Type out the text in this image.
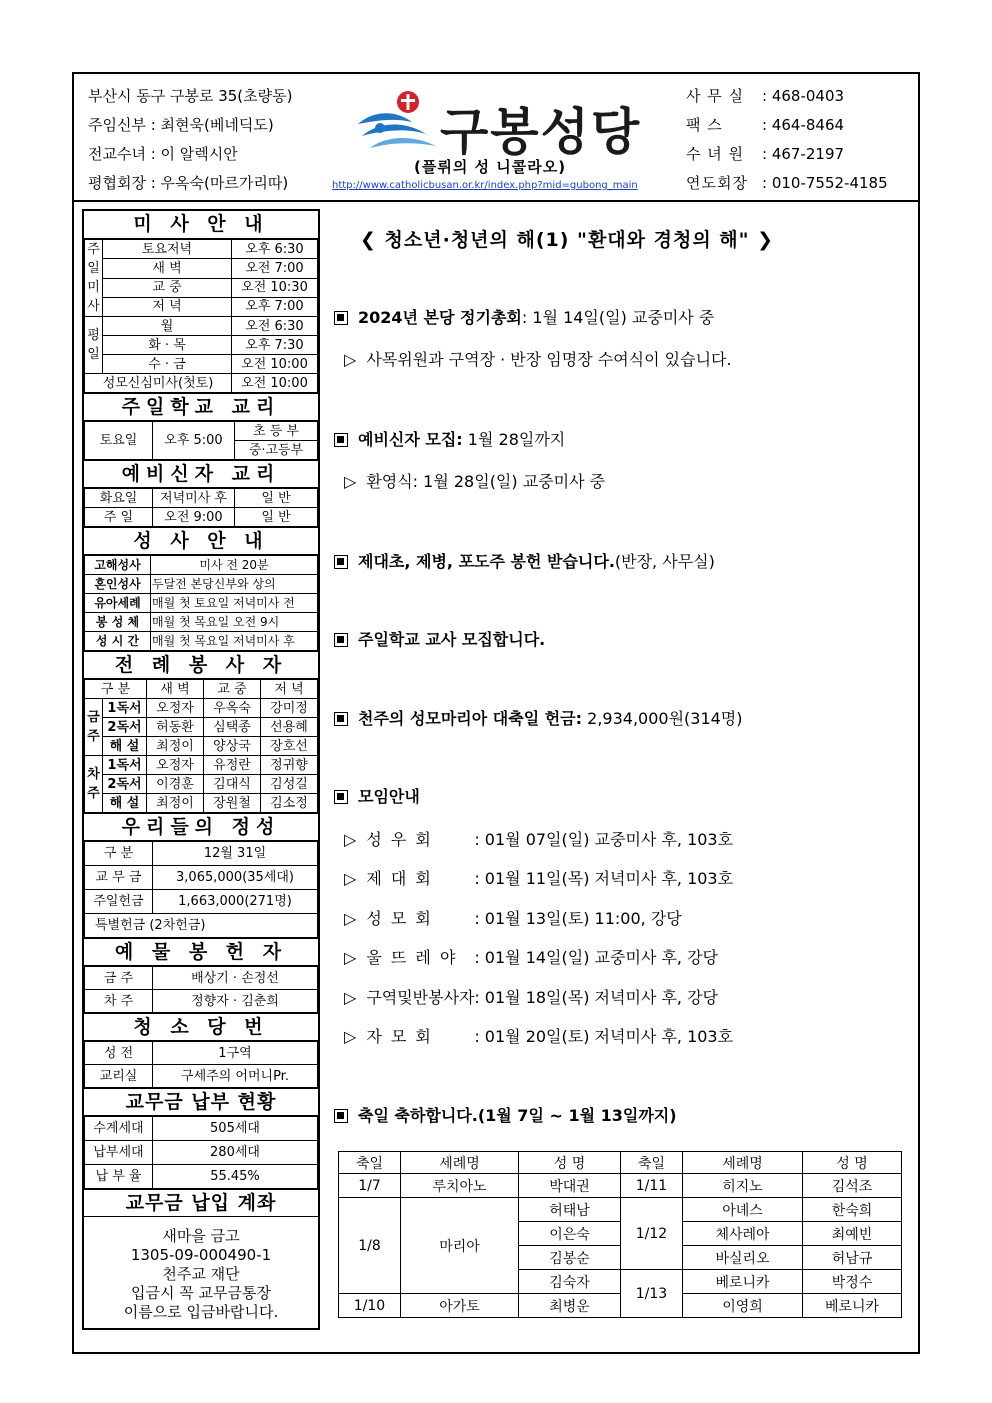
부산시 동구 구봉로 35(초량동)
주임신부 : 최현욱(베네딕도)
전교수녀 : 이 알렉시안
평협회장 : 우옥숙(마르가리따)
구봉성당
(플뤼의 성 니콜라오)
http://www.catholicbusan.or.kr/index.php?mid=gubong_main
사 무 실	: 468-0403
팩 스	: 464-8464
수 녀 원	: 467-2197
연도회장 : 010-7552-4185
미 사 안 내
주일미사	토요저녁	오후 6:30
	새 벽	오전 7:00
	교 중	오전 10:30
	저 녁	오후 7:00
평일	월	오전 6:30
	화 · 목	오후 7:30
	수 · 금	오전 10:00
성모신심미사(첫토)		오전 10:00
주일학교 교리
토요일	오후 5:00	초 등 부
중·고등부
예비신자 교리
화요일	저녁미사 후	일 반
주 일	오전 9:00	일 반
성 사 안 내
고해성사	미사 전 20분
혼인성사	두달전 본당신부와 상의
유아세례	매월 첫 토요일 저녁미사 전
봉 성 체	매월 첫 목요일 오전 9시
성 시 간	매월 첫 목요일 저녁미사 후
전 례 봉 사 자
구 분		새 벽	교 중	저 녁
금주	1독서	오정자	우옥숙	강미정
	2독서	허동환	심택종	선용혜
	해 설	최정이	양상국	장호선
차주	1독서	오정자	유정란	정귀향
	2독서	이경훈	김대식	김성길
	해 설	최정이	장원철	김소정
우리들의 정성
구 분	12월 31일
교 무 금	3,065,000(35세대)
주일헌금	1,663,000(271명)
특별헌금 (2차헌금)	
예 물 봉 헌 자
금 주	배상기 · 손정선
차 주	정향자 · 김춘희
청 소 당 번
성 전	1구역
교리실	구세주의 어머니Pr.
교무금 납부 현황
수계세대	505세대
납부세대	280세대
납 부 율	55.45%
교무금 납입 계좌
새마을 금고
1305-09-000490-1
천주교 재단
입금시 꼭 교무금통장
이름으로 입금바랍니다.
❮ 청소년·청년의 해(1) "환대와 경청의 해" ❯
2024년 본당 정기총회: 1월 14일(일) 교중미사 중
▷ 사목위원과 구역장 · 반장 임명장 수여식이 있습니다.
예비신자 모집: 1월 28일까지
▷ 환영식: 1월 28일(일) 교중미사 중
제대초, 제병, 포도주 봉헌 받습니다.(반장, 사무실)
주일학교 교사 모집합니다.
천주의 성모마리아 대축일 헌금: 2,934,000원(314명)
모임안내
▷ 성 우 회	: 01월 07일(일) 교중미사 후, 103호
▷ 제 대 회	: 01월 11일(목) 저녁미사 후, 103호
▷ 성 모 회	: 01월 13일(토) 11:00, 강당
▷ 울 뜨 레 야 : 01월 14일(일) 교중미사 후, 강당
▷ 구역및반봉사자: 01월 18일(목) 저녁미사 후, 강당
▷ 자 모 회	: 01월 20일(토) 저녁미사 후, 103호
축일 축하합니다.(1월 7일 ~ 1월 13일까지)
축일	세례명	성 명	축일	세례명	성 명
1/7	루치아노	박대권	1/11	히지노	김석조
1/8	마리아	허태남	1/12	아녜스	한숙희
		이은숙		체사레아	최예빈
		김봉순		바실리오	허남규
		김숙자	1/13	베로니카	박정수
1/10	아가토	최병운		이영희	베로니카
